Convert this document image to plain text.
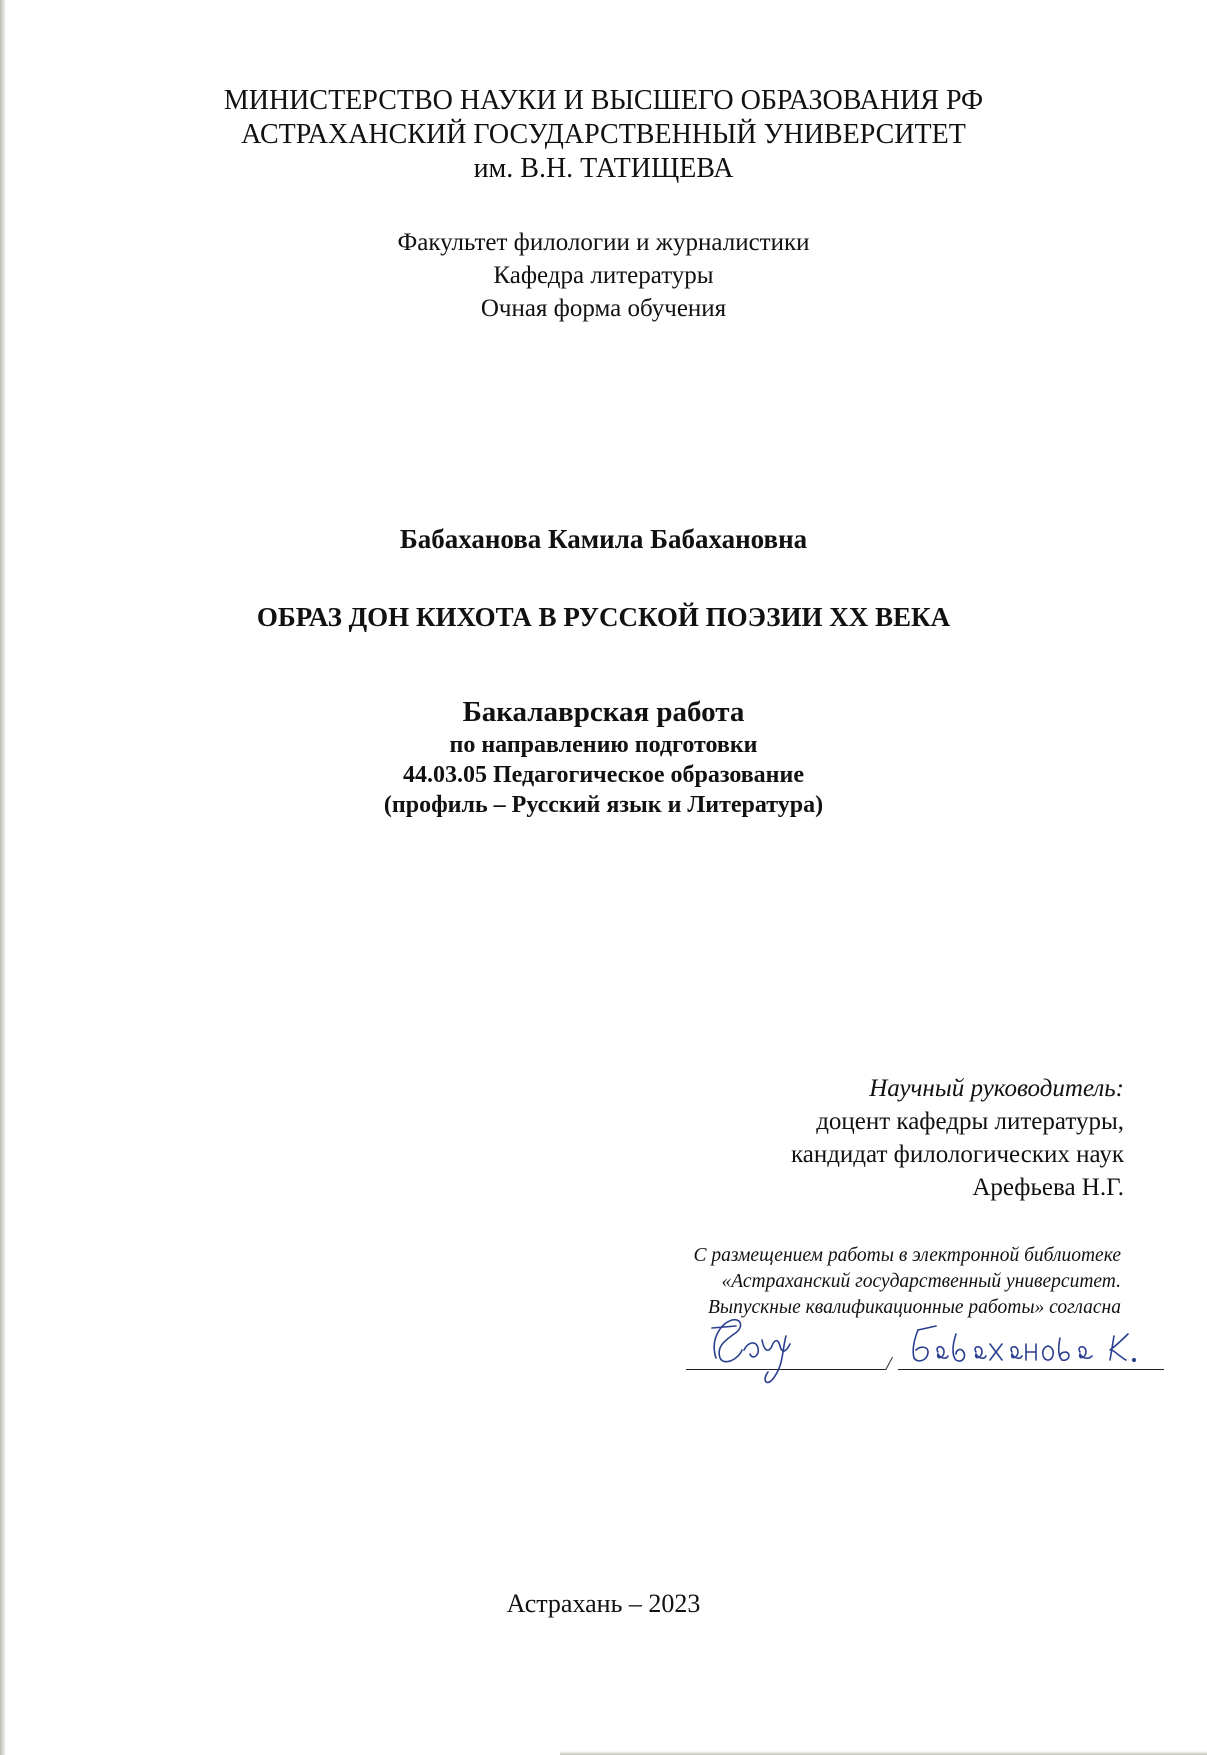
МИНИСТЕРСТВО НАУКИ И ВЫСШЕГО ОБРАЗОВАНИЯ РФ
АСТРАХАНСКИЙ ГОСУДАРСТВЕННЫЙ УНИВЕРСИТЕТ
им. В.Н. ТАТИЩЕВА
Факультет филологии и журналистики
Кафедра литературы
Очная форма обучения
Бабаханова Камила Бабахановна
ОБРАЗ ДОН КИХОТА В РУССКОЙ ПОЭЗИИ XX ВЕКА
Бакалаврская работа
по направлению подготовки
44.03.05 Педагогическое образование
(профиль – Русский язык и Литература)
Научный руководитель:
доцент кафедры литературы,
кандидат филологических наук
Арефьева Н.Г.
С размещением работы в электронной библиотеке
«Астраханский государственный университет.
Выпускные квалификационные работы» согласна
/
Астрахань – 2023
